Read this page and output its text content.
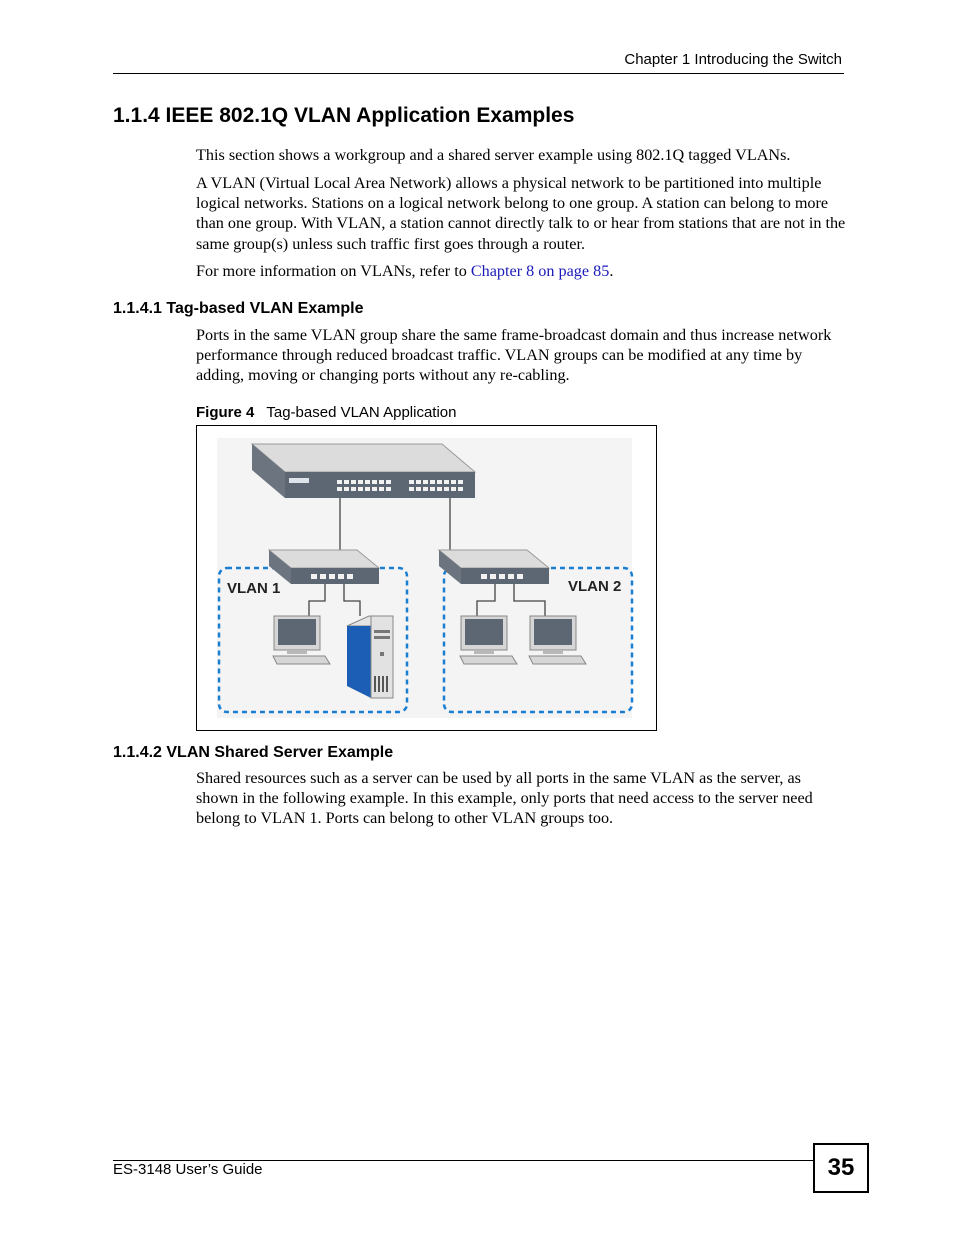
Chapter 1 Introducing the Switch
1.1.4 IEEE 802.1Q VLAN Application Examples

This section shows a workgroup and a shared server example using 802.1Q tagged VLANs.

A VLAN (Virtual Local Area Network) allows a physical network to be partitioned into multiple logical networks. Stations on a logical network belong to one group. A station can belong to more than one group. With VLAN, a station cannot directly talk to or hear from stations that are not in the same group(s) unless such traffic first goes through a router.

For more information on VLANs, refer to Chapter 8 on page 85.

1.1.4.1 Tag-based VLAN Example

Ports in the same VLAN group share the same frame-broadcast domain and thus increase network performance through reduced broadcast traffic. VLAN groups can be modified at any time by adding, moving or changing ports without any re-cabling.

Figure 4 Tag-based VLAN Application
VLAN 1	VLAN 2
1.1.4.2 VLAN Shared Server Example

Shared resources such as a server can be used by all ports in the same VLAN as the server, as shown in the following example. In this example, only ports that need access to the server need belong to VLAN 1. Ports can belong to other VLAN groups too.

ES-3148 User’s Guide	35
